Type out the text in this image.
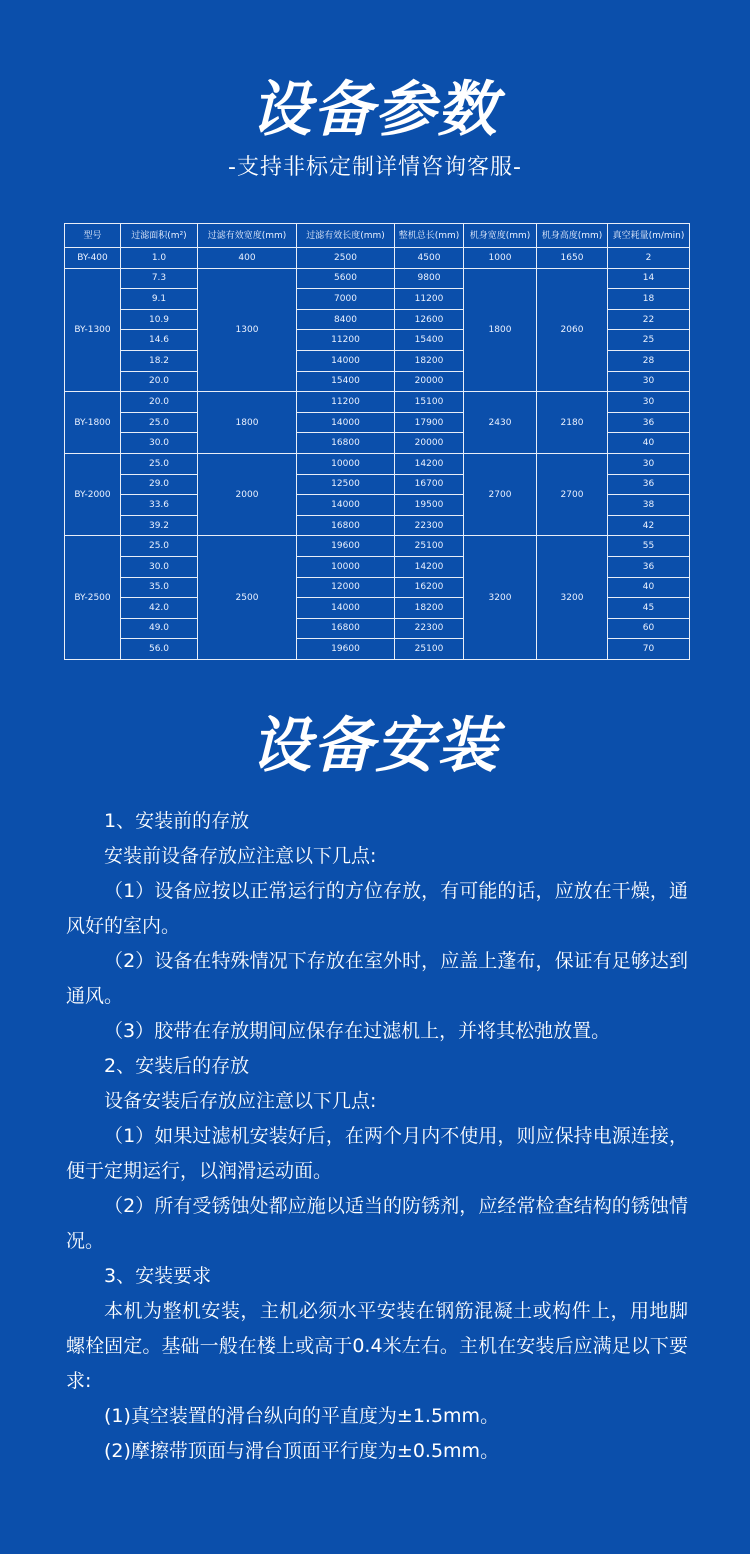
设备参数
-支持非标定制详情咨询客服-
型号	过滤面积(m²)	过滤有效宽度(mm)	过滤有效长度(mm)	整机总长(mm)	机身宽度(mm)	机身高度(mm)	真空耗量(m/min)
BY-400	1.0	400	2500	4500	1000	1650	2
BY-1300	7.3	1300	5600	9800	1800	2060	14
	9.1		7000	11200			18
	10.9		8400	12600			22
	14.6		11200	15400			25
	18.2		14000	18200			28
	20.0		15400	20000			30
BY-1800	20.0	1800	11200	15100	2430	2180	30
	25.0		14000	17900			36
	30.0		16800	20000			40
BY-2000	25.0	2000	10000	14200	2700	2700	30
	29.0		12500	16700			36
	33.6		14000	19500			38
	39.2		16800	22300			42
BY-2500	25.0	2500	19600	25100	3200	3200	55
	30.0		10000	14200			36
	35.0		12000	16200			40
	42.0		14000	18200			45
	49.0		16800	22300			60
	56.0		19600	25100			70
设备安装

1、安装前的存放

安装前设备存放应注意以下几点:

（1）设备应按以正常运行的方位存放，有可能的话，应放在干燥，通风好的室内。

（2）设备在特殊情况下存放在室外时，应盖上蓬布，保证有足够达到通风。

（3）胶带在存放期间应保存在过滤机上，并将其松弛放置。

2、安装后的存放

设备安装后存放应注意以下几点:

（1）如果过滤机安装好后，在两个月内不使用，则应保持电源连接，便于定期运行，以润滑运动面。

（2）所有受锈蚀处都应施以适当的防锈剂，应经常检查结构的锈蚀情况。

3、安装要求

本机为整机安装，主机必须水平安装在钢筋混凝土或构件上，用地脚螺栓固定。基础一般在楼上或高于0.4米左右。主机在安装后应满足以下要求:

(1)真空装置的滑台纵向的平直度为±1.5mm。

(2)摩擦带顶面与滑台顶面平行度为±0.5mm。
